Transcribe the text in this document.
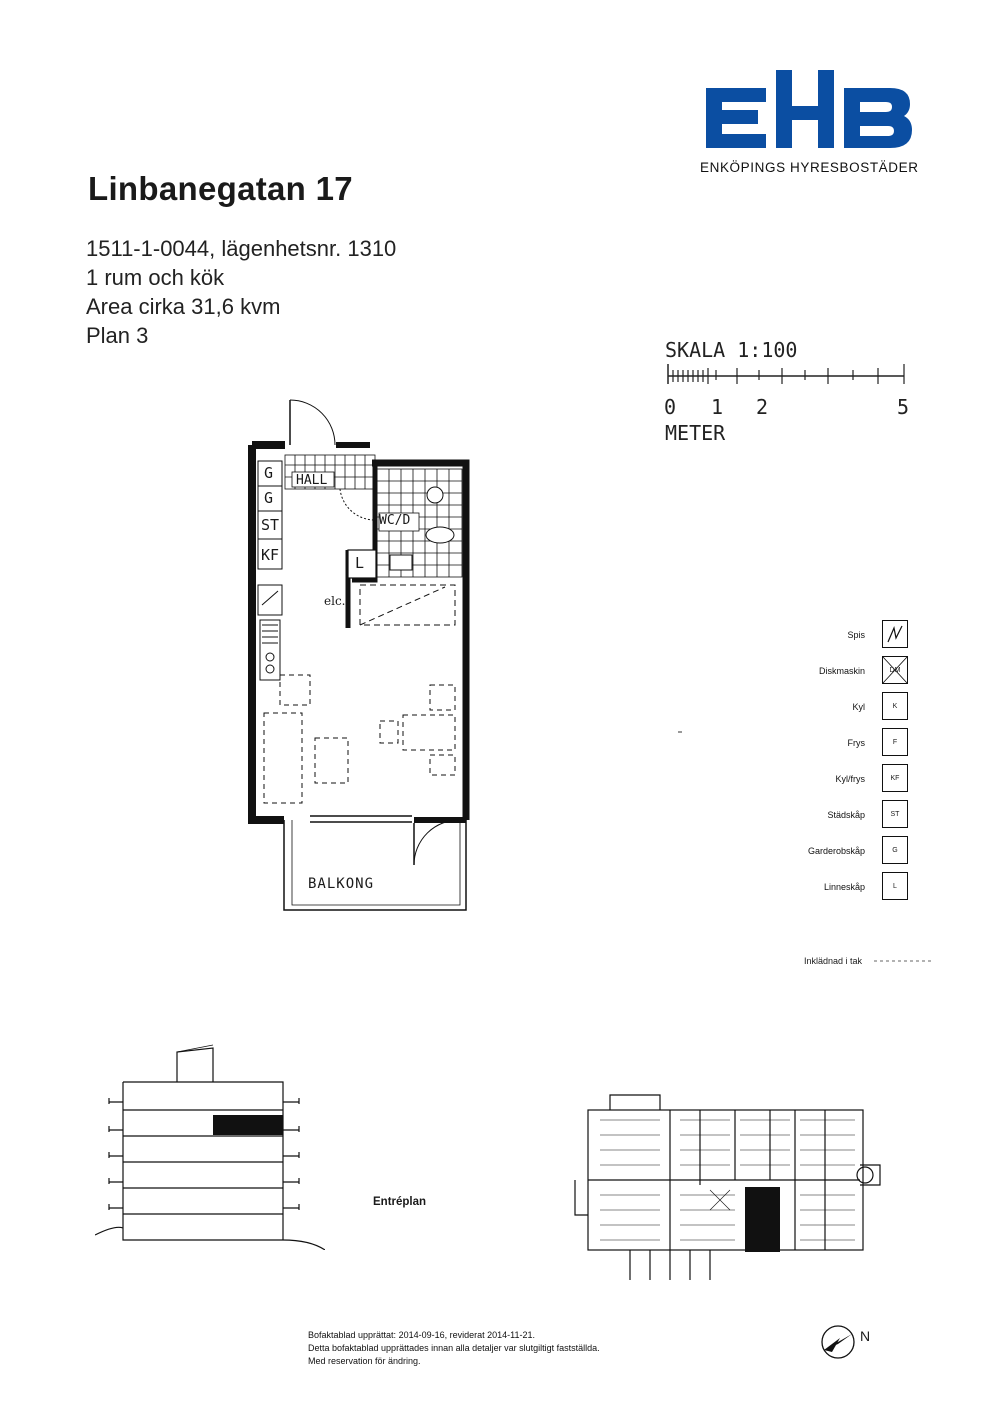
ENKÖPINGS HYRESBOSTÄDER
Linbanegatan 17
1511-1-0044, lägenhetsnr. 1310
1 rum och kök
Area cirka 31,6 kvm
Plan 3
SKALA 1:100
0 1 2	5
METER
HALL
WC/D
BALKONG
G
G
ST
KF	L
elc.
Spis
Diskmaskin	DM
Kyl	K
Frys	F
Kyl/frys	KF
Städskåp	ST
Garderobskåp	G
Linneskåp	L
Inklädnad i tak
Entréplan
Bofaktablad upprättat: 2014-09-16, reviderat 2014-11-21.
Detta bofaktablad upprättades innan alla detaljer var slutgiltigt fastställda.
Med reservation för ändring.
N
